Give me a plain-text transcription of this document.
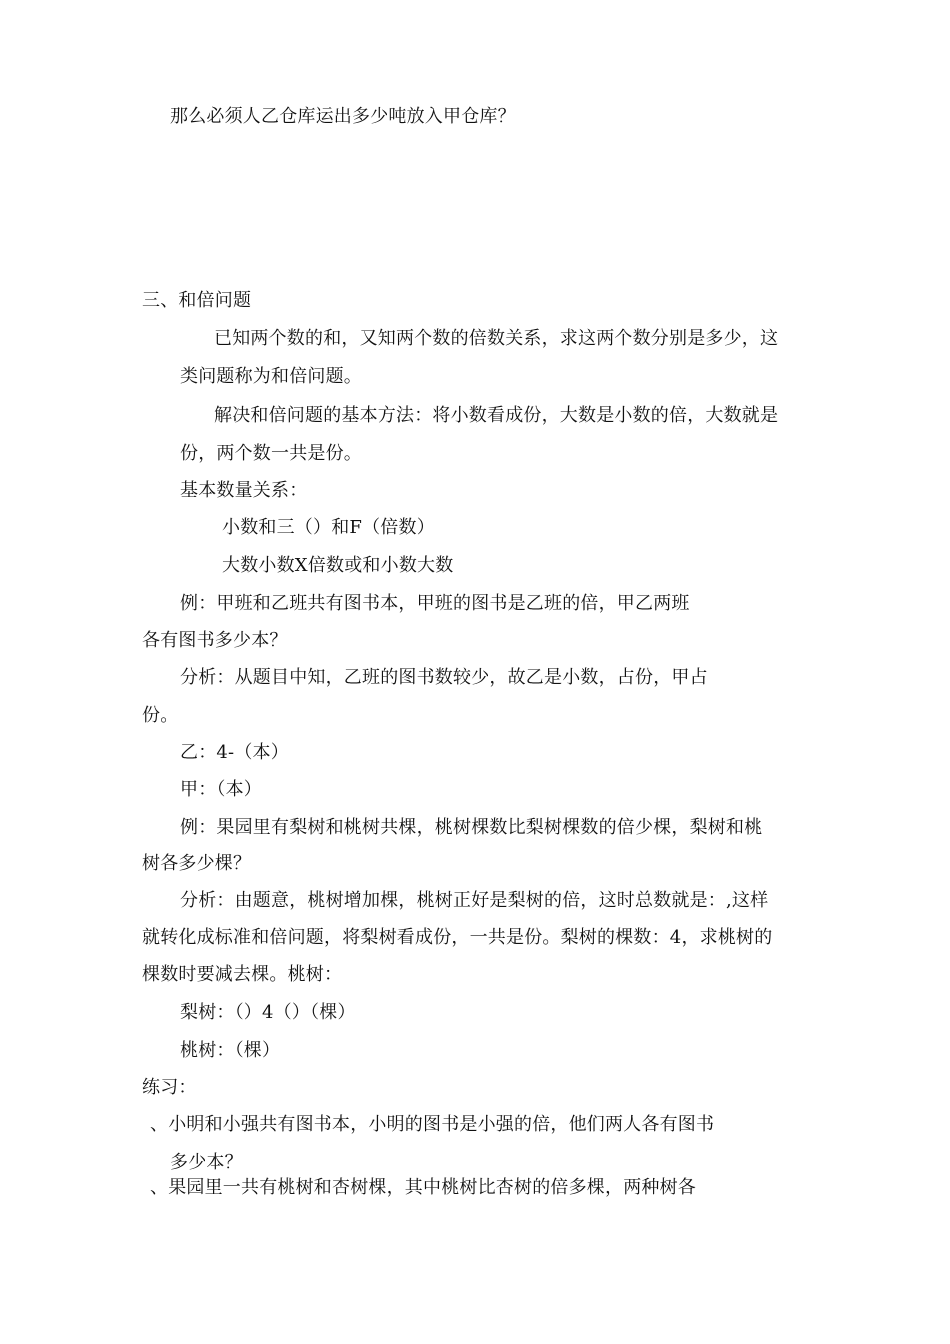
那么必须人乙仓库运出多少吨放入甲仓库？
三、和倍问题
已知两个数的和，又知两个数的倍数关系，求这两个数分别是多少，这
类问题称为和倍问题。
解决和倍问题的基本方法：将小数看成份，大数是小数的倍，大数就是
份，两个数一共是份。
基本数量关系：
小数和三（）和F（倍数）
大数小数X倍数或和小数大数
例：甲班和乙班共有图书本，甲班的图书是乙班的倍，甲乙两班
各有图书多少本？
分析：从题目中知，乙班的图书数较少，故乙是小数，占份，甲占
份。
乙：4-（本）
甲：（本）
例：果园里有梨树和桃树共棵，桃树棵数比梨树棵数的倍少棵，梨树和桃
树各多少棵？
分析：由题意，桃树增加棵，桃树正好是梨树的倍，这时总数就是：,这样
就转化成标准和倍问题，将梨树看成份，一共是份。梨树的棵数：4，求桃树的
棵数时要减去棵。桃树：
梨树：（）4（）（棵）
桃树：（棵）
练习：
、小明和小强共有图书本，小明的图书是小强的倍，他们两人各有图书
多少本？
、果园里一共有桃树和杏树棵，其中桃树比杏树的倍多棵，两种树各
